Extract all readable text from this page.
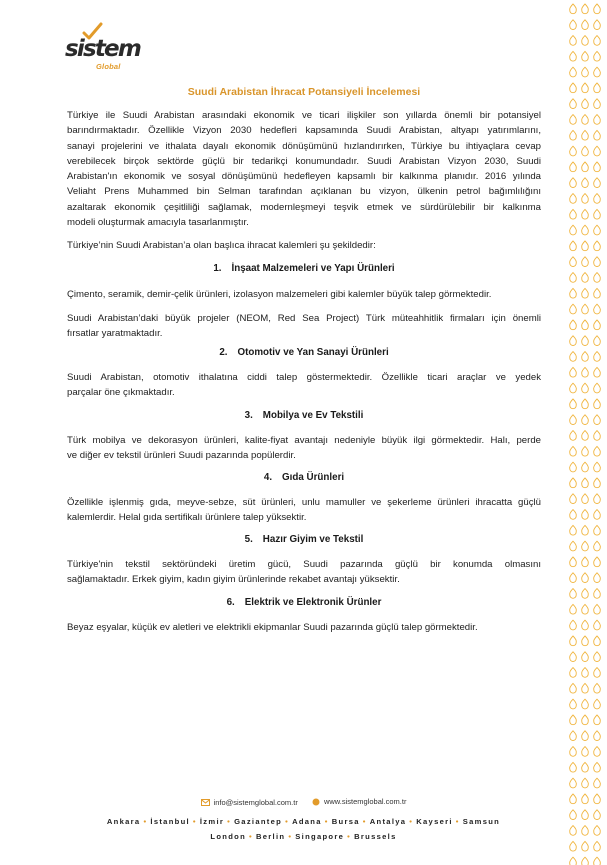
sistem
Global
Suudi Arabistan İhracat Potansiyeli İncelemesi
Türkiye ile Suudi Arabistan arasındaki ekonomik ve ticari ilişkiler son yıllarda önemli bir potansiyel
barındırmaktadır. Özellikle Vizyon 2030 hedefleri kapsamında Suudi Arabistan, altyapı yatırımlarını,
sanayi projelerini ve ithalata dayalı ekonomik dönüşümünü hızlandırırken, Türkiye bu ihtiyaçlara cevap
verebilecek birçok sektörde güçlü bir tedarikçi konumundadır. Suudi Arabistan Vizyon 2030, Suudi
Arabistan'ın ekonomik ve sosyal dönüşümünü hedefleyen kapsamlı bir kalkınma planıdır. 2016 yılında
Veliaht Prens Muhammed bin Selman tarafından açıklanan bu vizyon, ülkenin petrol bağımlılığını
azaltarak ekonomik çeşitliliği sağlamak, modernleşmeyi teşvik etmek ve sürdürülebilir bir kalkınma
modeli oluşturmak amacıyla tasarlanmıştır.
Türkiye’nin Suudi Arabistan’a olan başlıca ihracat kalemleri şu şekildedir:
1. İnşaat Malzemeleri ve Yapı Ürünleri
Çimento, seramik, demir-çelik ürünleri, izolasyon malzemeleri gibi kalemler büyük talep görmektedir.
Suudi Arabistan’daki büyük projeler (NEOM, Red Sea Project) Türk müteahhitlik firmaları için önemli
fırsatlar yaratmaktadır.
2. Otomotiv ve Yan Sanayi Ürünleri
Suudi Arabistan, otomotiv ithalatına ciddi talep göstermektedir. Özellikle ticari araçlar ve yedek
parçalar öne çıkmaktadır.
3. Mobilya ve Ev Tekstili
Türk mobilya ve dekorasyon ürünleri, kalite-fiyat avantajı nedeniyle büyük ilgi görmektedir. Halı, perde
ve diğer ev tekstil ürünleri Suudi pazarında popülerdir.
4. Gıda Ürünleri
Özellikle işlenmiş gıda, meyve-sebze, süt ürünleri, unlu mamuller ve şekerleme ürünleri ihracatta güçlü
kalemlerdir. Helal gıda sertifikalı ürünlere talep yüksektir.
5. Hazır Giyim ve Tekstil
Türkiye'nin tekstil sektöründeki üretim gücü, Suudi pazarında güçlü bir konumda olmasını
sağlamaktadır. Erkek giyim, kadın giyim ürünlerinde rekabet avantajı yüksektir.
6. Elektrik ve Elektronik Ürünler
Beyaz eşyalar, küçük ev aletleri ve elektrikli ekipmanlar Suudi pazarında güçlü talep görmektedir.
info@sistemglobal.com.tr
	www.sistemglobal.com.tr
Ankara • İstanbul • İzmir • Gaziantep • Adana • Bursa • Antalya • Kayseri • Samsun
London • Berlin • Singapore • Brussels
